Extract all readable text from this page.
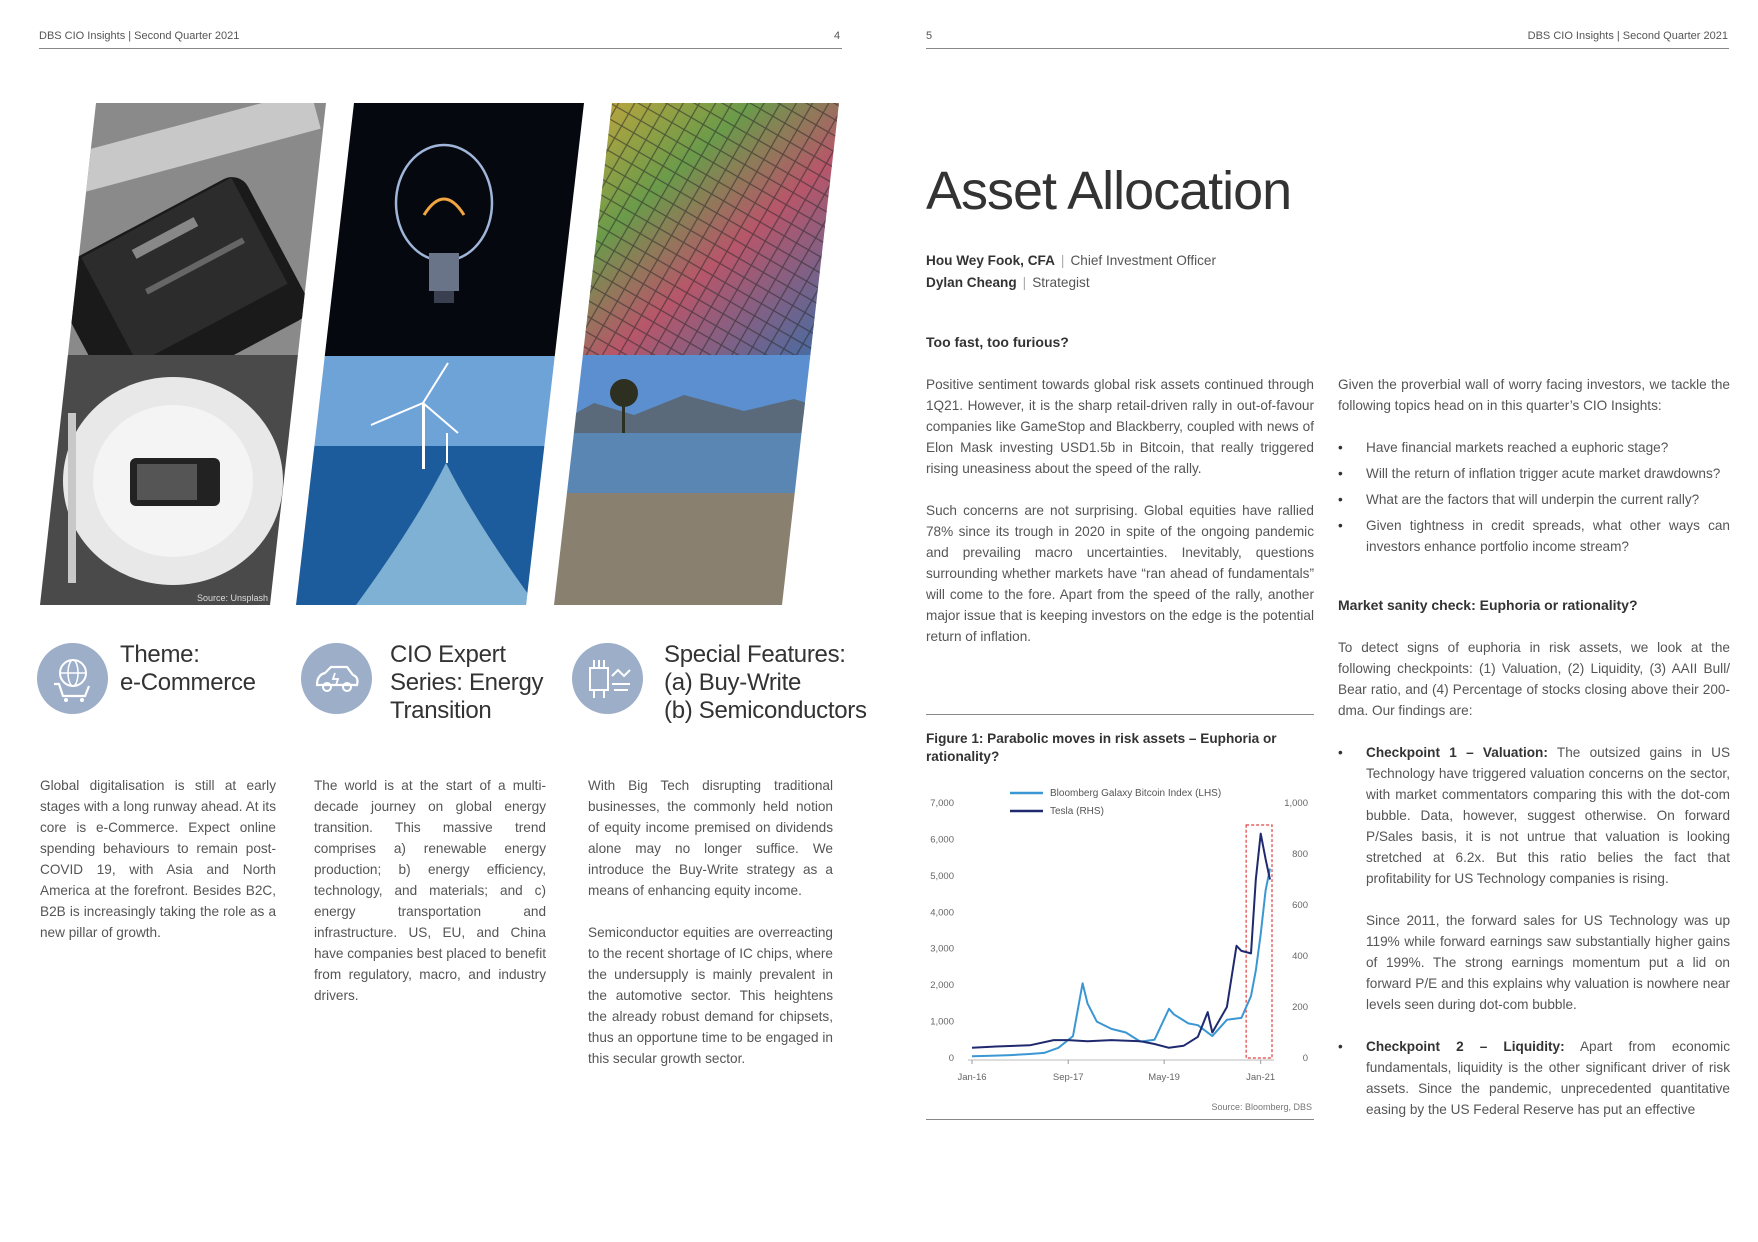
DBS CIO Insights | Second Quarter 2021	4	5	DBS CIO Insights | Second Quarter 2021
Source: Unsplash
Theme:
e-Commerce
CIO Expert
Series: Energy
Transition
Special Features:
(a) Buy-Write
(b) Semiconductors

Global digitalisation is still at early stages with a long runway ahead. At its core is e-Commerce. Expect online spending behaviours to remain post-COVID 19, with Asia and North America at the forefront. Besides B2C, B2B is increasingly taking the role as a new pillar of growth.

The world is at the start of a multi-decade journey on global energy transition. This massive trend comprises a) renewable energy production; b) energy efficiency, technology, and materials; and c) energy transportation and infrastructure. US, EU, and China have companies best placed to benefit from regulatory, macro, and industry drivers.

With Big Tech disrupting traditional businesses, the commonly held notion of equity income premised on dividends alone may no longer suffice. We introduce the Buy-Write strategy as a means of enhancing equity income.

Semiconductor equities are overreacting to the recent shortage of IC chips, where the undersupply is mainly prevalent in the automotive sector. This heightens the already robust demand for chipsets, thus an opportune time to be engaged in this secular growth sector.

Asset Allocation
Hou Wey Fook, CFA | Chief Investment Officer
Dylan Cheang | Strategist
Too fast, too furious?

Positive sentiment towards global risk assets continued through 1Q21. However, it is the sharp retail-driven rally in out-of-favour companies like GameStop and Blackberry, coupled with news of Elon Mask investing USD1.5b in Bitcoin, that really triggered rising uneasiness about the speed of the rally.

Such concerns are not surprising. Global equities have rallied 78% since its trough in 2020 in spite of the ongoing pandemic and prevailing macro uncertainties. Inevitably, questions surrounding whether markets have “ran ahead of fundamentals” will come to the fore. Apart from the speed of the rally, another major issue that is keeping investors on the edge is the potential return of inflation.

Given the proverbial wall of worry facing investors, we tackle the following topics head on in this quarter’s CIO Insights:

• Have financial markets reached a euphoric stage?
• Will the return of inflation trigger acute market drawdowns?
• What are the factors that will underpin the current rally?
• Given tightness in credit spreads, what other ways can investors enhance portfolio income stream?
Market sanity check: Euphoria or rationality?

To detect signs of euphoria in risk assets, we look at the following checkpoints: (1) Valuation, (2) Liquidity, (3) AAII Bull/ Bear ratio, and (4) Percentage of stocks closing above their 200-dma. Our findings are:

• Checkpoint 1 – Valuation: The outsized gains in US Technology have triggered valuation concerns on the sector, with market commentators comparing this with the dot-com bubble. Data, however, suggest otherwise. On forward P/Sales basis, it is not untrue that valuation is looking stretched at 6.2x. But this ratio belies the fact that profitability for US Technology companies is rising.
Since 2011, the forward sales for US Technology was up 119% while forward earnings saw substantially higher gains of 199%. The strong earnings momentum put a lid on forward P/E and this explains why valuation is nowhere near levels seen during dot-com bubble.
• Checkpoint 2 – Liquidity: Apart from economic fundamentals, liquidity is the other significant driver of risk assets. Since the pandemic, unprecedented quantitative easing by the US Federal Reserve has put an effective
Figure 1: Parabolic moves in risk assets – Euphoria or rationality?
Bloomberg Galaxy Bitcoin Index (LHS)
Tesla (RHS)
7,000
6,000
5,000
4,000
3,000
2,000
1,000
0
1,000
800
600
400
200
0
Jan-16	Sep-17	May-19	Jan-21
Source: Bloomberg, DBS
